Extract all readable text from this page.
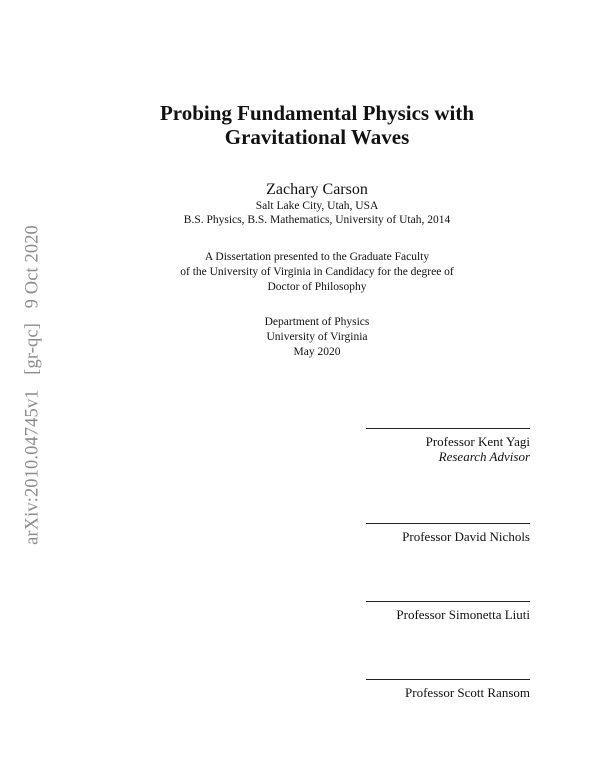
arXiv:2010.04745v1 [gr-qc] 9 Oct 2020
Probing Fundamental Physics with
Gravitational Waves
Zachary Carson
Salt Lake City, Utah, USA
B.S. Physics, B.S. Mathematics, University of Utah, 2014
A Dissertation presented to the Graduate Faculty
of the University of Virginia in Candidacy for the degree of
Doctor of Philosophy
Department of Physics
University of Virginia
May 2020
Professor Kent Yagi
Research Advisor
Professor David Nichols
Professor Simonetta Liuti
Professor Scott Ransom
